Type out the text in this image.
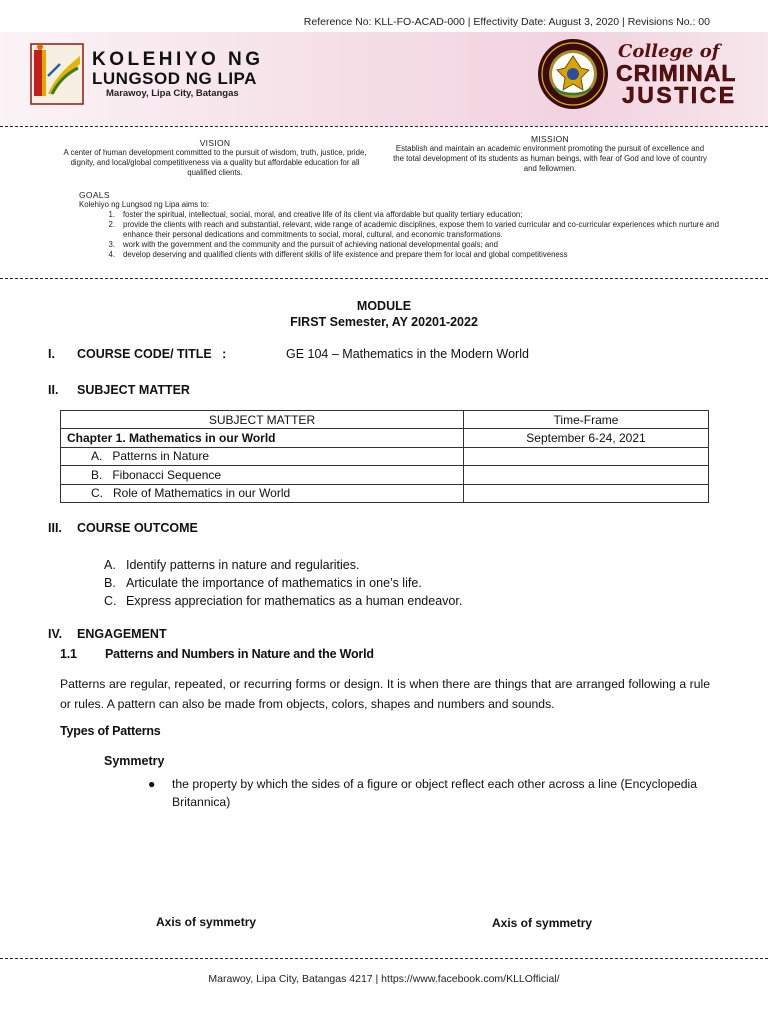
Reference No: KLL-FO-ACAD-000 | Effectivity Date: August 3, 2020 | Revisions No.: 00
KOLEHIYO NG
LUNGSOD NG LIPA
Marawoy, Lipa City, Batangas
College of
CRIMINAL
JUSTICE
VISION
A center of human development committed to the pursuit of wisdom, truth, justice, pride, dignity, and local/global competitiveness via a quality but affordable education for all qualified clients.
MISSION
Establish and maintain an academic environment promoting the pursuit of excellence and the total development of its students as human beings, with fear of God and love of country and fellowmen.
GOALS
Kolehiyo ng Lungsod ng Lipa aims to:
1.	foster the spiritual, intellectual, social, moral, and creative life of its client via affordable but quality tertiary education;
2.	provide the clients with reach and substantial, relevant, wide range of academic disciplines, expose them to varied curricular and co-curricular experiences which nurture and enhance their personal dedications and commitments to social, moral, cultural, and economic transformations.
3.	work with the government and the community and the pursuit of achieving national developmental goals; and
4.	develop deserving and qualified clients with different skills of life existence and prepare them for local and global competitiveness
MODULE
FIRST Semester, AY 20201-2022
I. COURSE CODE/ TITLE   :	GE 104 – Mathematics in the Modern World
II. SUBJECT MATTER
SUBJECT MATTER	Time-Frame
Chapter 1. Mathematics in our World	September 6-24, 2021
A.   Patterns in Nature	
B.   Fibonacci Sequence	
C.   Role of Mathematics in our World	
III. COURSE OUTCOME
A. Identify patterns in nature and regularities.
B. Articulate the importance of mathematics in one’s life.
C. Express appreciation for mathematics as a human endeavor.
IV. ENGAGEMENT
1.1 Patterns and Numbers in Nature and the World
Patterns are regular, repeated, or recurring forms or design. It is when there are things that are arranged following a rule or rules. A pattern can also be made from objects, colors, shapes and numbers and sounds.
Types of Patterns
Symmetry
● the property by which the sides of a figure or object reflect each other across a line (Encyclopedia Britannica)
Axis of symmetry	Axis of symmetry
Marawoy, Lipa City, Batangas 4217 | https://www.facebook.com/KLLOfficial/
